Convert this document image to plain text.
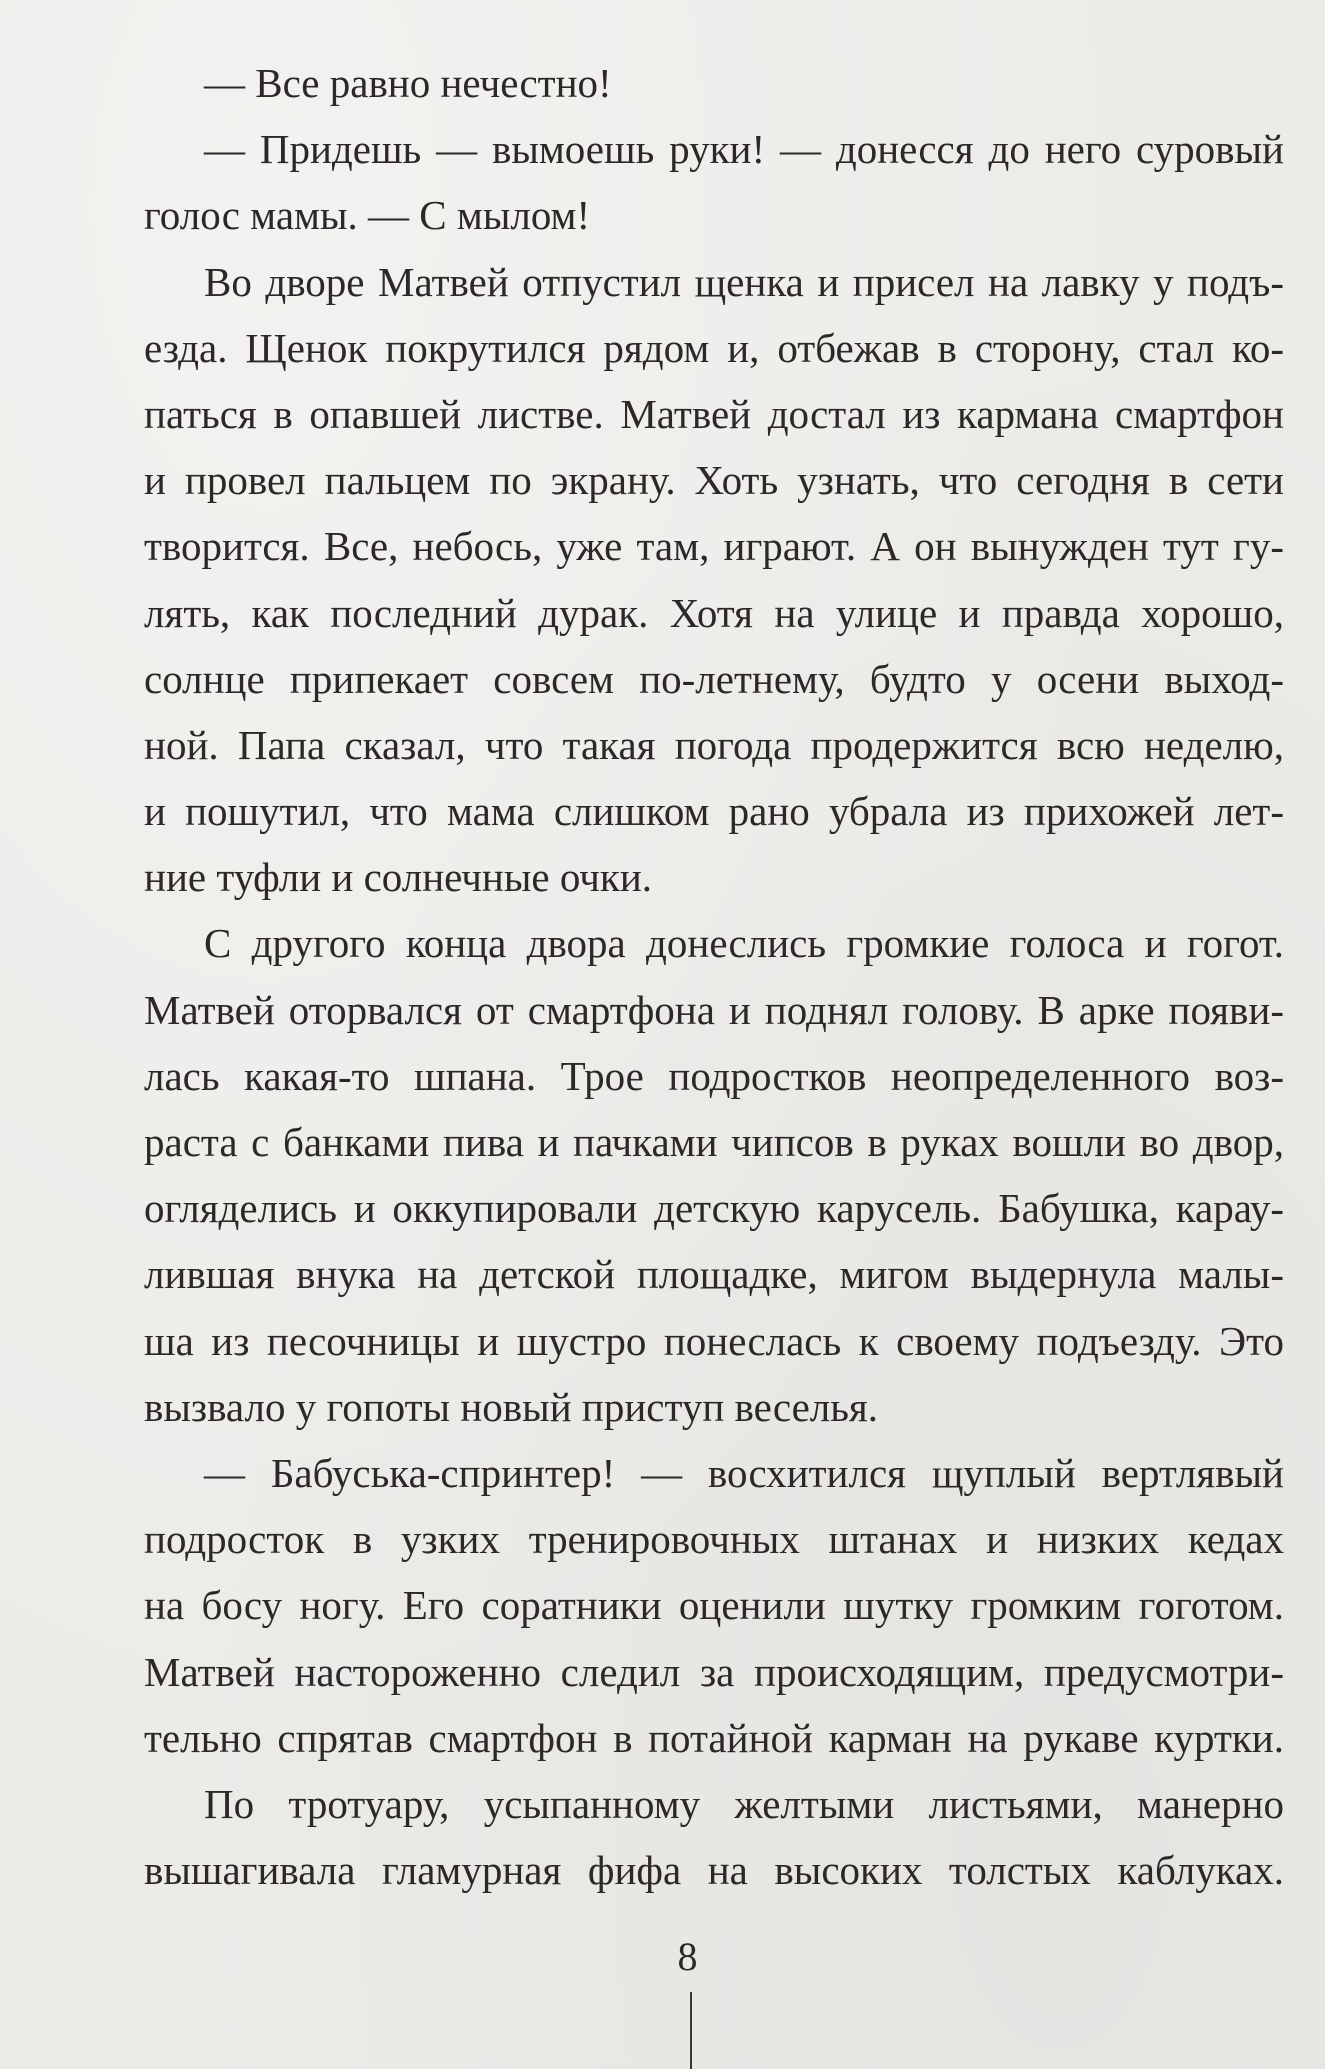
— Все равно нечестно!
— Придешь — вымоешь руки! — донесся до него суровый
голос мамы. — С мылом!
Во дворе Матвей отпустил щенка и присел на лавку у подъ-
езда. Щенок покрутился рядом и, отбежав в сторону, стал ко-
паться в опавшей листве. Матвей достал из кармана смартфон
и провел пальцем по экрану. Хоть узнать, что сегодня в сети
творится. Все, небось, уже там, играют. А он вынужден тут гу-
лять, как последний дурак. Хотя на улице и правда хорошо,
солнце припекает совсем по-летнему, будто у осени выход-
ной. Папа сказал, что такая погода продержится всю неделю,
и пошутил, что мама слишком рано убрала из прихожей лет-
ние туфли и солнечные очки.
С другого конца двора донеслись громкие голоса и гогот.
Матвей оторвался от смартфона и поднял голову. В арке появи-
лась какая-то шпана. Трое подростков неопределенного воз-
раста с банками пива и пачками чипсов в руках вошли во двор,
огляделись и оккупировали детскую карусель. Бабушка, карау-
лившая внука на детской площадке, мигом выдернула малы-
ша из песочницы и шустро понеслась к своему подъезду. Это
вызвало у гопоты новый приступ веселья.
— Бабуська-спринтер! — восхитился щуплый вертлявый
подросток в узких тренировочных штанах и низких кедах
на босу ногу. Его соратники оценили шутку громким гоготом.
Матвей настороженно следил за происходящим, предусмотри-
тельно спрятав смартфон в потайной карман на рукаве куртки.
По тротуару, усыпанному желтыми листьями, манерно
вышагивала гламурная фифа на высоких толстых каблуках.
8
